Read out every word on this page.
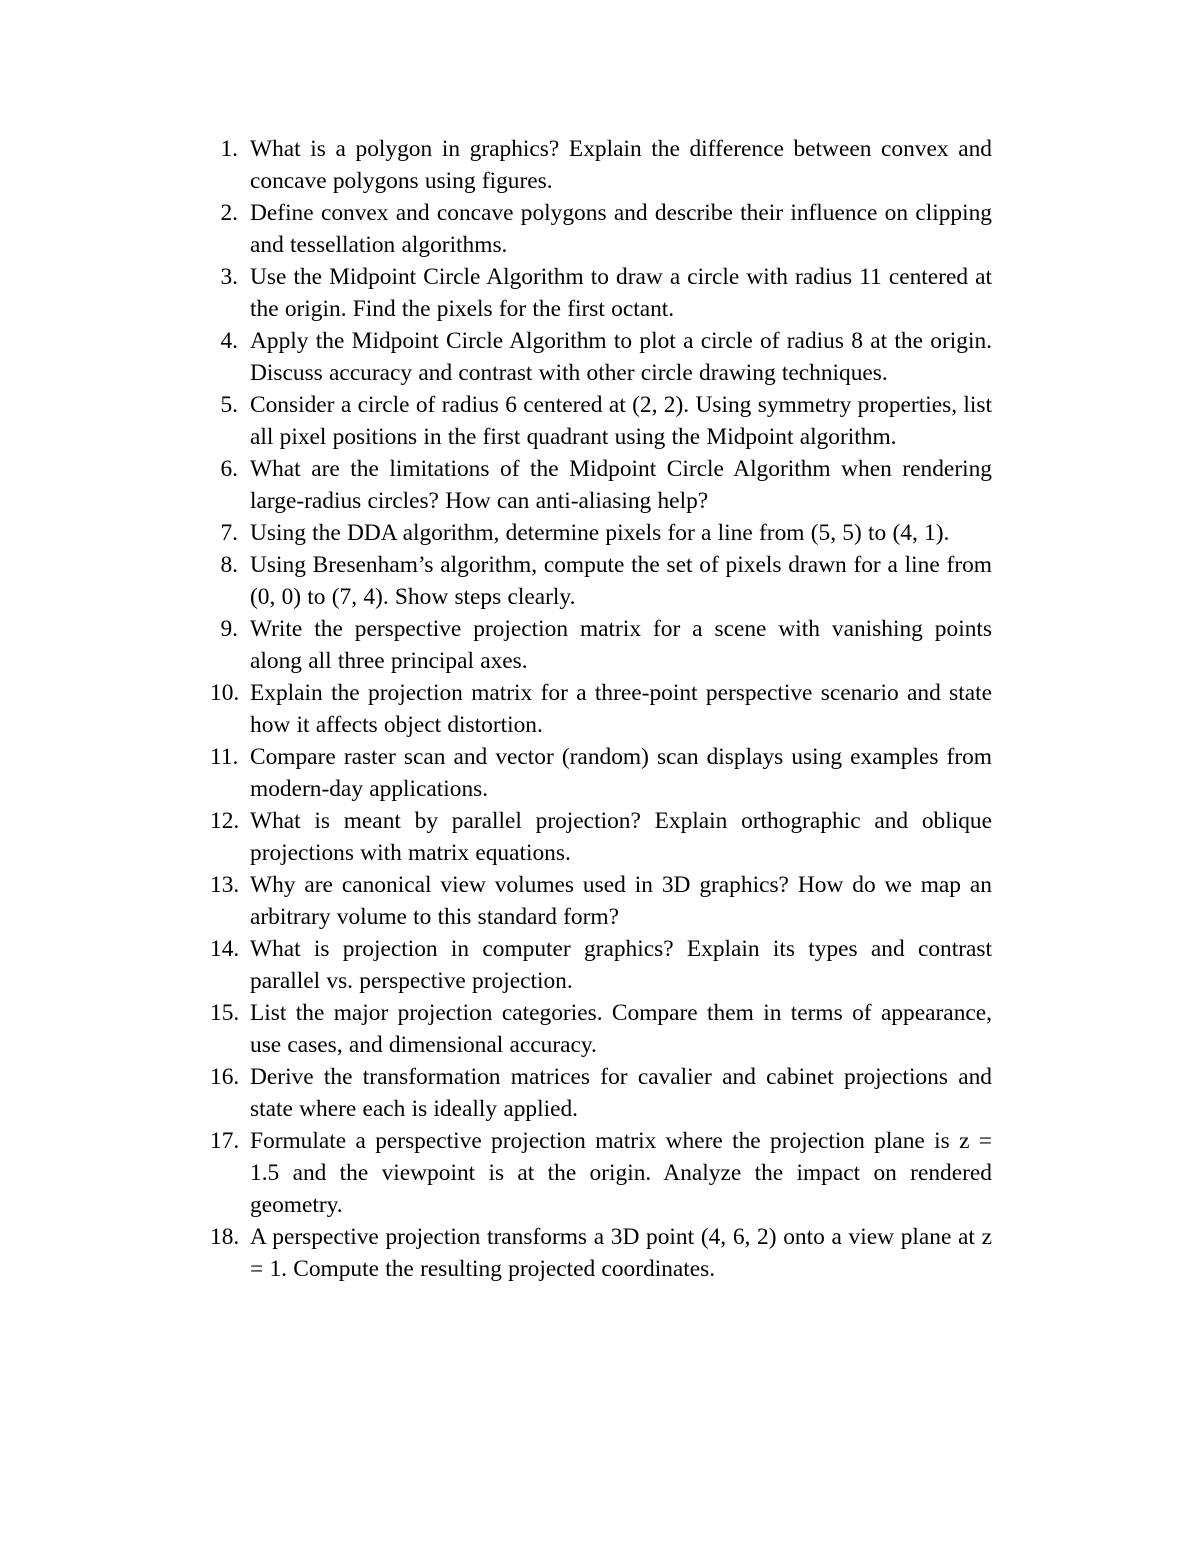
1. What is a polygon in graphics? Explain the difference between convex and concave polygons using figures.
2. Define convex and concave polygons and describe their influence on clipping and tessellation algorithms.
3. Use the Midpoint Circle Algorithm to draw a circle with radius 11 centered at the origin. Find the pixels for the first octant.
4. Apply the Midpoint Circle Algorithm to plot a circle of radius 8 at the origin. Discuss accuracy and contrast with other circle drawing techniques.
5. Consider a circle of radius 6 centered at (2, 2). Using symmetry properties, list all pixel positions in the first quadrant using the Midpoint algorithm.
6. What are the limitations of the Midpoint Circle Algorithm when rendering large-radius circles? How can anti-aliasing help?
7. Using the DDA algorithm, determine pixels for a line from (5, 5) to (4, 1).
8. Using Bresenham’s algorithm, compute the set of pixels drawn for a line from (0, 0) to (7, 4). Show steps clearly.
9. Write the perspective projection matrix for a scene with vanishing points along all three principal axes.
10. Explain the projection matrix for a three-point perspective scenario and state how it affects object distortion.
11. Compare raster scan and vector (random) scan displays using examples from modern-day applications.
12. What is meant by parallel projection? Explain orthographic and oblique projections with matrix equations.
13. Why are canonical view volumes used in 3D graphics? How do we map an arbitrary volume to this standard form?
14. What is projection in computer graphics? Explain its types and contrast parallel vs. perspective projection.
15. List the major projection categories. Compare them in terms of appearance, use cases, and dimensional accuracy.
16. Derive the transformation matrices for cavalier and cabinet projections and state where each is ideally applied.
17. Formulate a perspective projection matrix where the projection plane is z = 1.5 and the viewpoint is at the origin. Analyze the impact on rendered geometry.
18. A perspective projection transforms a 3D point (4, 6, 2) onto a view plane at z = 1. Compute the resulting projected coordinates.
